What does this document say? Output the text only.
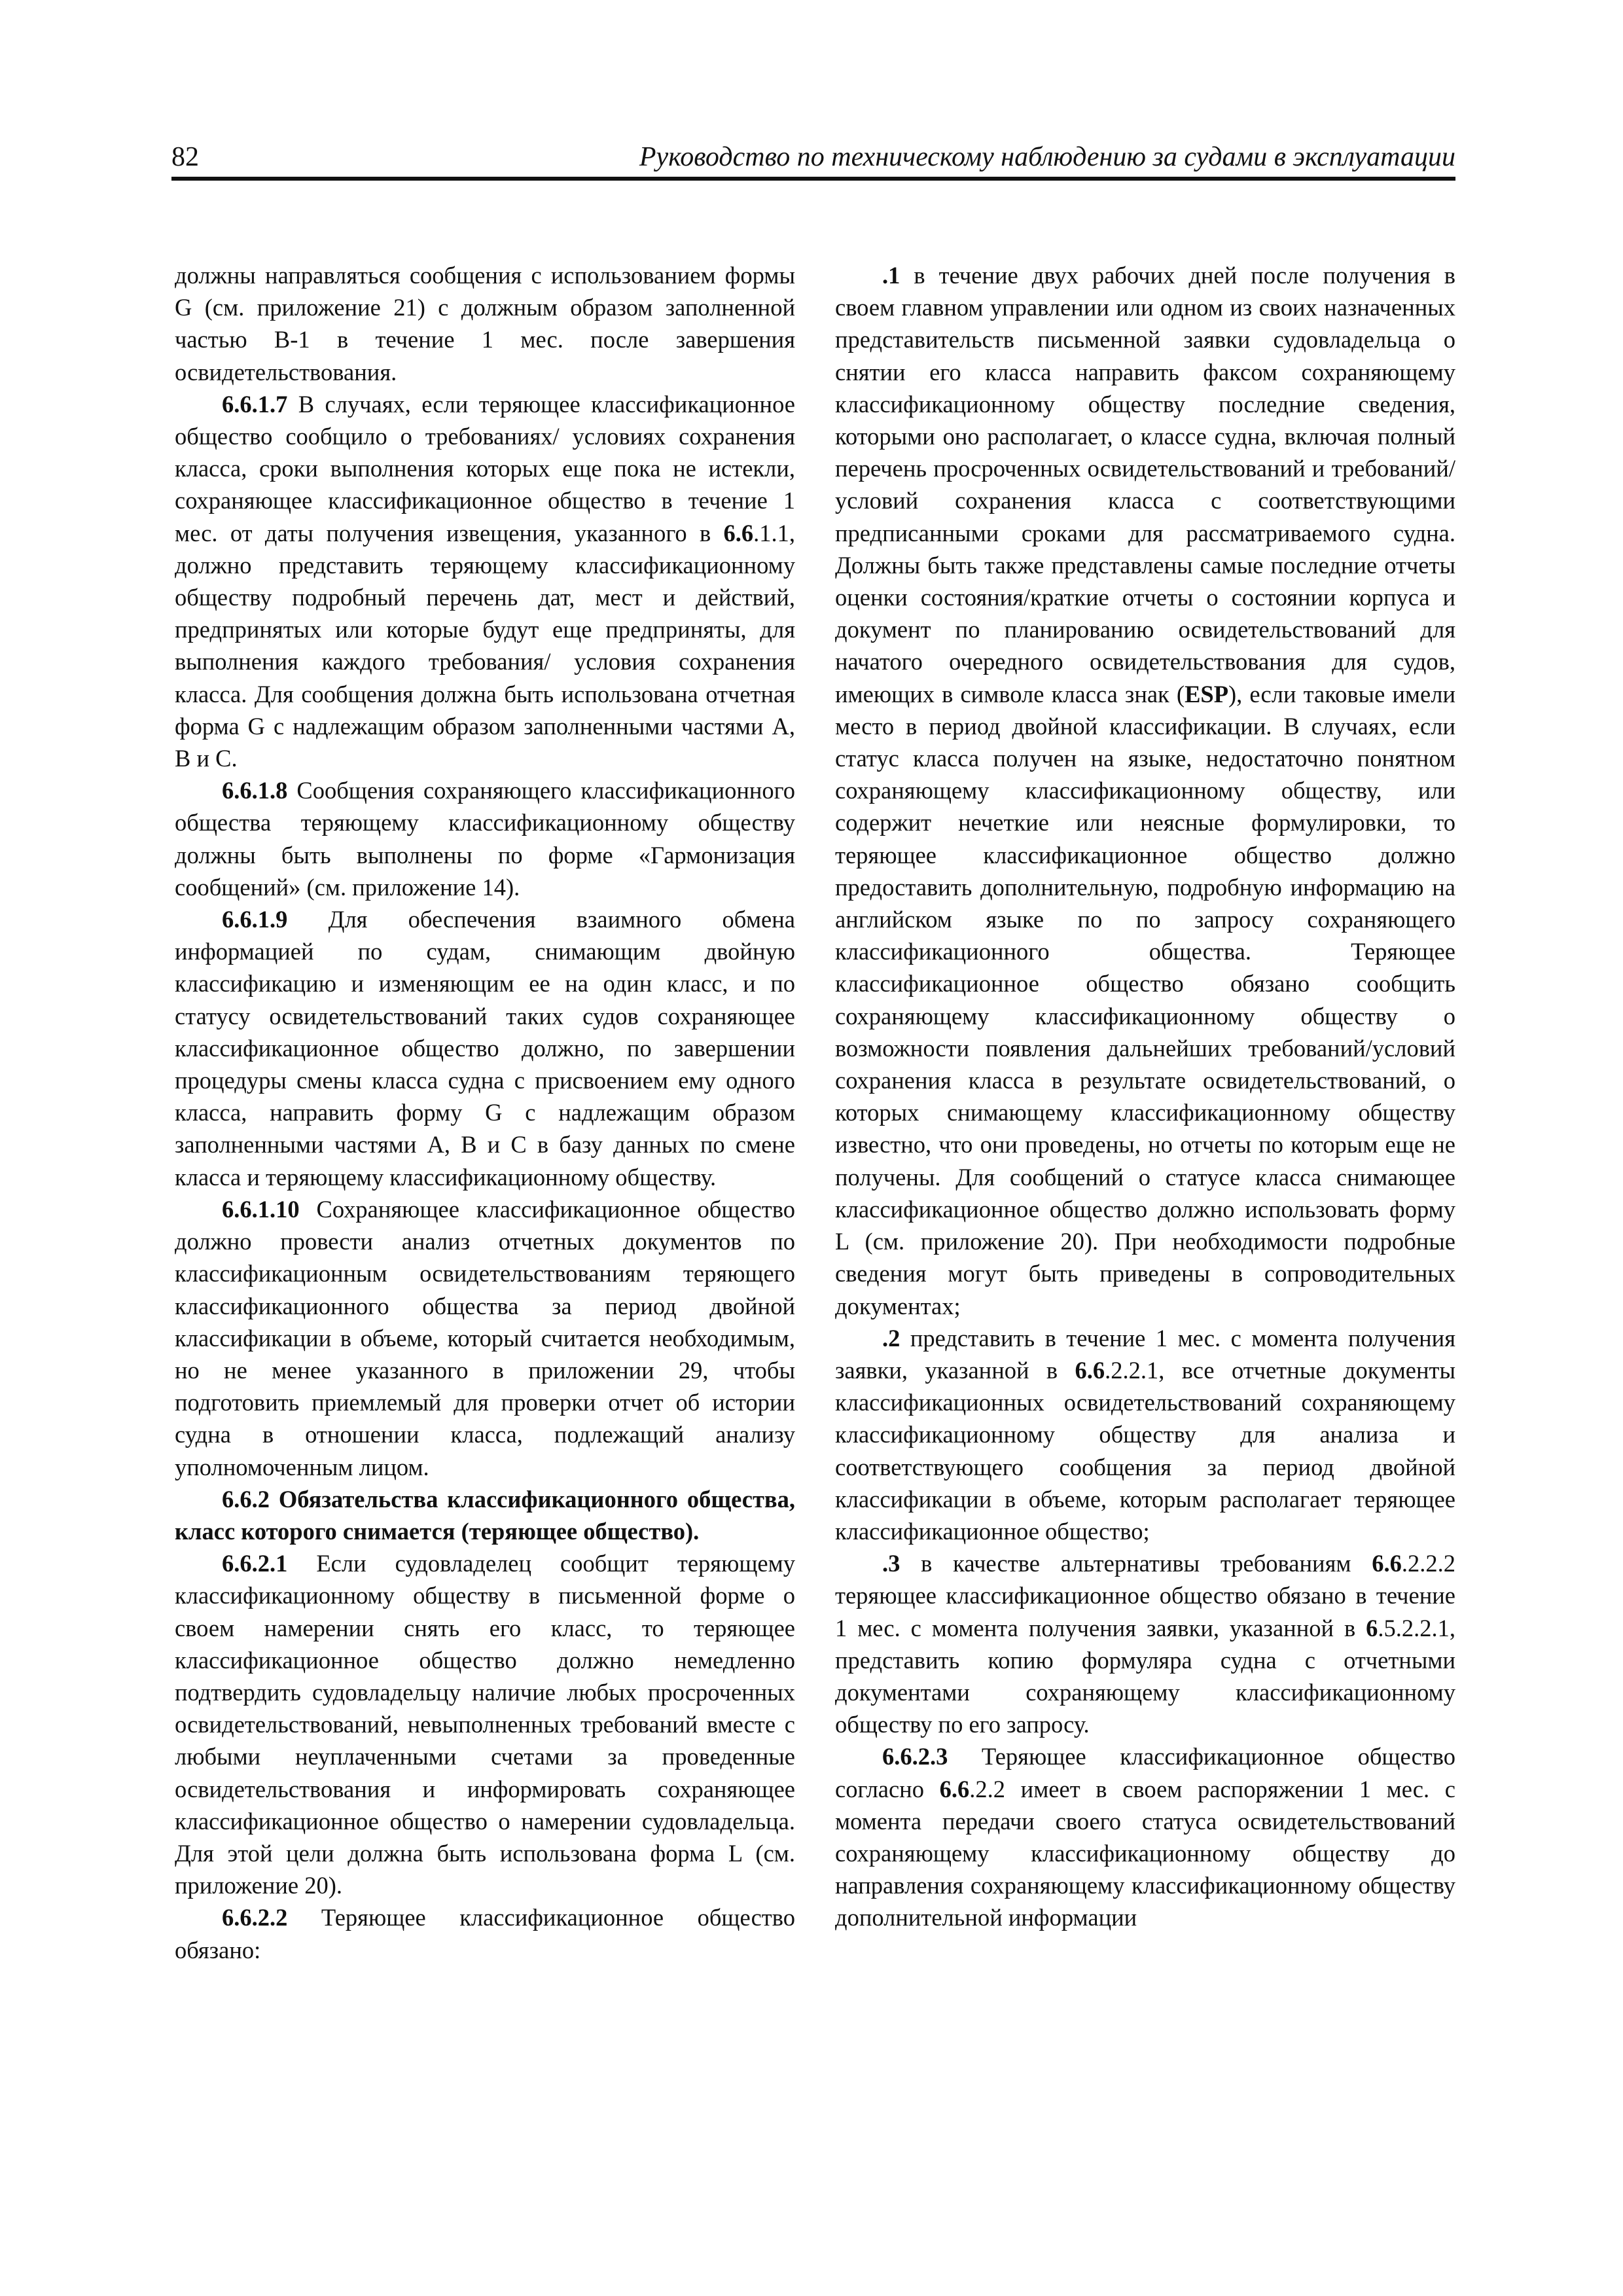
82	Руководство по техническому наблюдению за судами в эксплуатации

должны направляться сообщения с использованием формы G (см. приложение 21) с должным образом заполненной частью В-1 в течение 1 мес. после завершения освидетельствования.

6.6.1.7 В случаях, если теряющее классификационное общество сообщило о требованиях/ условиях сохранения класса, сроки выполнения которых еще пока не истекли, сохраняющее классификационное общество в течение 1 мес. от даты получения извещения, указанного в 6.6.1.1, должно представить теряющему классификационному обществу подробный перечень дат, мест и действий, предпринятых или которые будут еще предприняты, для выполнения каждого требования/ условия сохранения класса. Для сообщения должна быть использована отчетная форма G с надлежащим образом заполненными частями А, В и С.

6.6.1.8 Сообщения сохраняющего классификационного общества теряющему классификационному обществу должны быть выполнены по форме «Гармонизация сообщений» (см. приложение 14).

6.6.1.9 Для обеспечения взаимного обмена информацией по судам, снимающим двойную классификацию и изменяющим ее на один класс, и по статусу освидетельствований таких судов сохраняющее классификационное общество должно, по завершении процедуры смены класса судна с присвоением ему одного класса, направить форму G с надлежащим образом заполненными частями А, В и С в базу данных по смене класса и теряющему классификационному обществу.

6.6.1.10 Сохраняющее классификационное общество должно провести анализ отчетных документов по классификационным освидетельствованиям теряющего классификационного общества за период двойной классификации в объеме, который считается необходимым, но не менее указанного в приложении 29, чтобы подготовить приемлемый для проверки отчет об истории судна в отношении класса, подлежащий анализу уполномоченным лицом.

6.6.2 Обязательства классификационного общества, класс которого снимается (теряющее общество).

6.6.2.1 Если судовладелец сообщит теряющему классификационному обществу в письменной форме о своем намерении снять его класс, то теряющее классификационное общество должно немедленно подтвердить судовладельцу наличие любых просроченных освидетельствований, невыполненных требований вместе с любыми неуплаченными счетами за проведенные освидетельствования и информировать сохраняющее классификационное общество о намерении судовладельца. Для этой цели должна быть использована форма L (см. приложение 20).

6.6.2.2 Теряющее классификационное общество обязано:

.1 в течение двух рабочих дней после получения в своем главном управлении или одном из своих назначенных представительств письменной заявки судовладельца о снятии его класса направить факсом сохраняющему классификационному обществу последние сведения, которыми оно располагает, о классе судна, включая полный перечень просроченных освидетельствований и требований/ условий сохранения класса с соответствующими предписанными сроками для рассматриваемого судна. Должны быть также представлены самые последние отчеты оценки состояния/краткие отчеты о состоянии корпуса и документ по планированию освидетельствований для начатого очередного освидетельствования для судов, имеющих в символе класса знак (ESP), если таковые имели место в период двойной классификации. В случаях, если статус класса получен на языке, недостаточно понятном сохраняющему классификационному обществу, или содержит нечеткие или неясные формулировки, то теряющее классификационное общество должно предоставить дополнительную, подробную информацию на английском языке по по запросу сохраняющего классификационного общества. Теряющее классификационное общество обязано сообщить сохраняющему классификационному обществу о возможности появления дальнейших требований/условий сохранения класса в результате освидетельствований, о которых снимающему классификационному обществу известно, что они проведены, но отчеты по которым еще не получены. Для сообщений о статусе класса снимающее классификационное общество должно использовать форму L (см. приложение 20). При необходимости подробные сведения могут быть приведены в сопроводительных документах;

.2 представить в течение 1 мес. с момента получения заявки, указанной в 6.6.2.2.1, все отчетные документы классификационных освидетельствований сохраняющему классификационному обществу для анализа и соответствующего сообщения за период двойной классификации в объеме, которым располагает теряющее классификационное общество;

.3 в качестве альтернативы требованиям 6.6.2.2.2 теряющее классификационное общество обязано в течение 1 мес. с момента получения заявки, указанной в 6.5.2.2.1, представить копию формуляра судна с отчетными документами сохраняющему классификационному обществу по его запросу.

6.6.2.3 Теряющее классификационное общество согласно 6.6.2.2 имеет в своем распоряжении 1 мес. с момента передачи своего статуса освидетельствований сохраняющему классификационному обществу до направления сохраняющему классификационному обществу дополнительной информации
